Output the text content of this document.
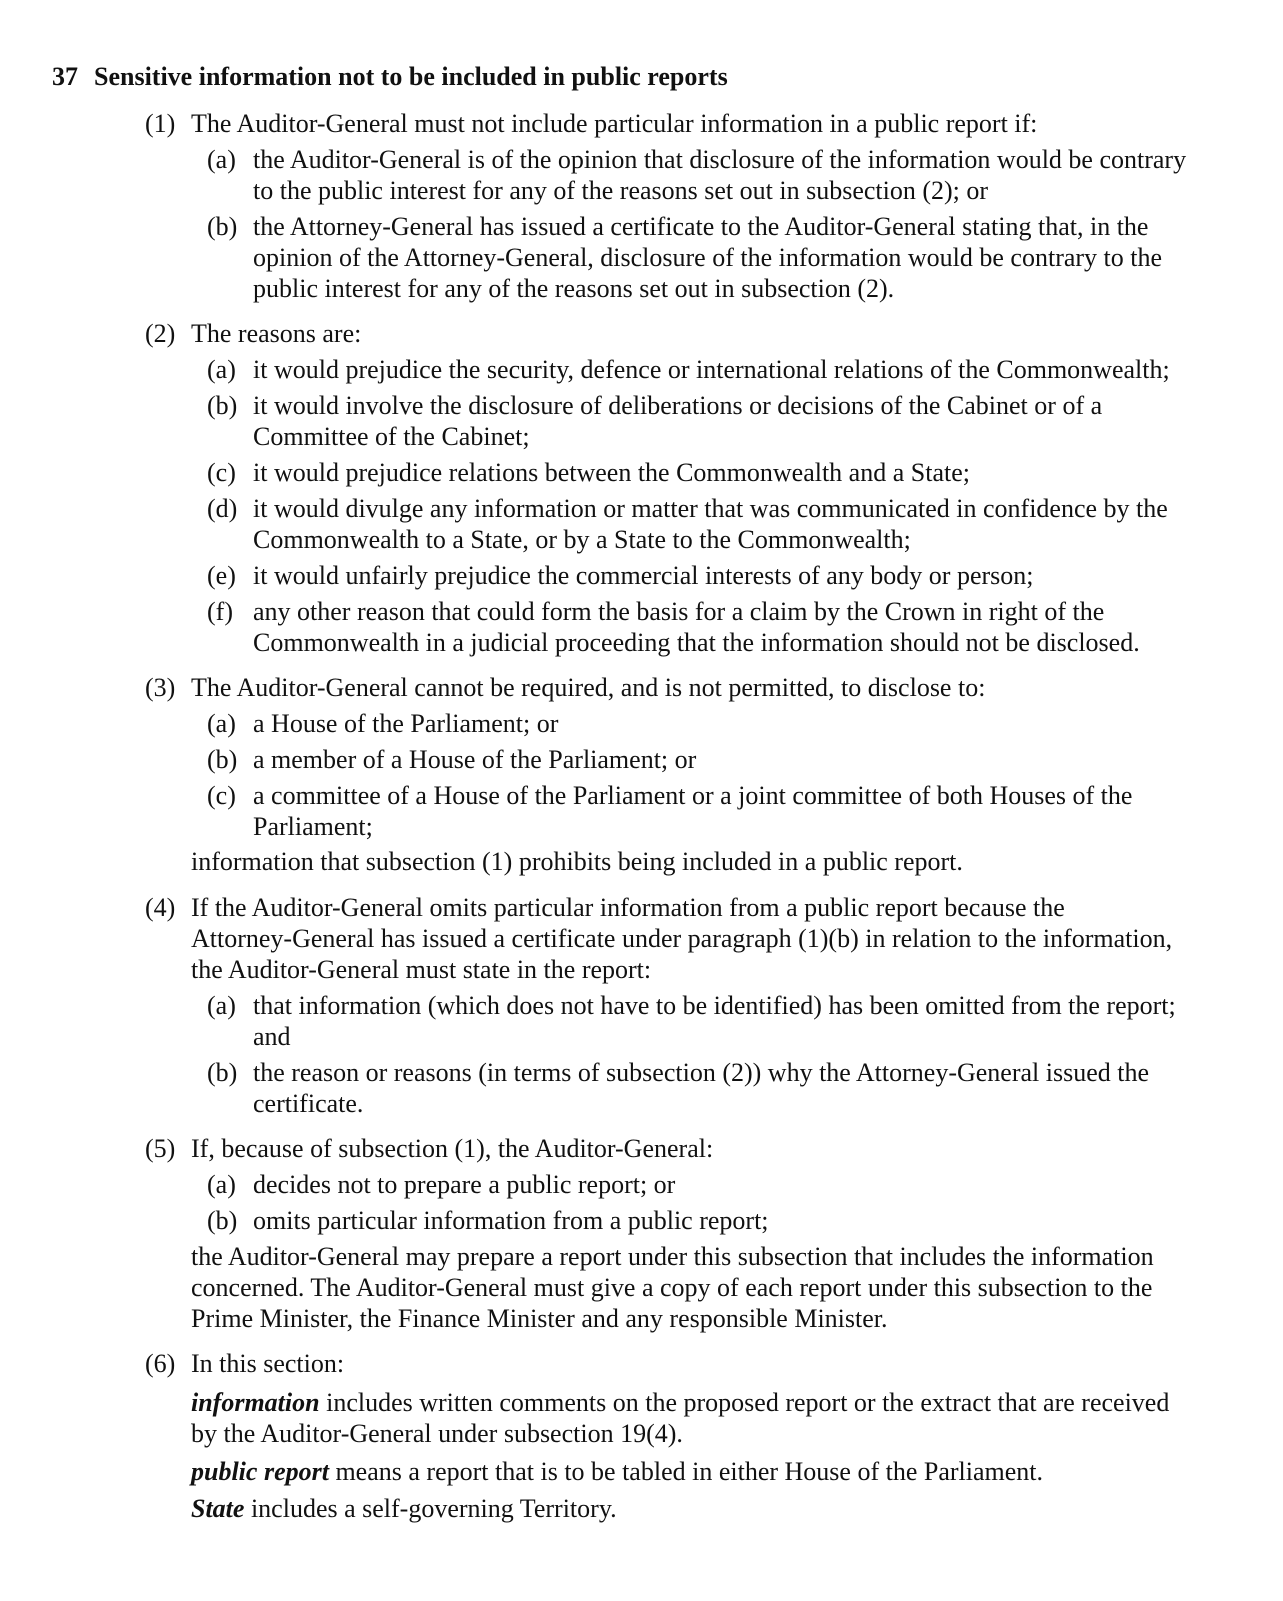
37 Sensitive information not to be included in public reports
(1) The Auditor-General must not include particular information in a public report if:
(a) the Auditor-General is of the opinion that disclosure of the information would be contrary
to the public interest for any of the reasons set out in subsection (2); or
(b) the Attorney-General has issued a certificate to the Auditor-General stating that, in the
opinion of the Attorney-General, disclosure of the information would be contrary to the
public interest for any of the reasons set out in subsection (2).
(2) The reasons are:
(a) it would prejudice the security, defence or international relations of the Commonwealth;
(b) it would involve the disclosure of deliberations or decisions of the Cabinet or of a
Committee of the Cabinet;
(c) it would prejudice relations between the Commonwealth and a State;
(d) it would divulge any information or matter that was communicated in confidence by the
Commonwealth to a State, or by a State to the Commonwealth;
(e) it would unfairly prejudice the commercial interests of any body or person;
(f) any other reason that could form the basis for a claim by the Crown in right of the
Commonwealth in a judicial proceeding that the information should not be disclosed.
(3) The Auditor-General cannot be required, and is not permitted, to disclose to:
(a) a House of the Parliament; or
(b) a member of a House of the Parliament; or
(c) a committee of a House of the Parliament or a joint committee of both Houses of the
Parliament;
information that subsection (1) prohibits being included in a public report.
(4) If the Auditor-General omits particular information from a public report because the
Attorney-General has issued a certificate under paragraph (1)(b) in relation to the information,
the Auditor-General must state in the report:
(a) that information (which does not have to be identified) has been omitted from the report;
and
(b) the reason or reasons (in terms of subsection (2)) why the Attorney-General issued the
certificate.
(5) If, because of subsection (1), the Auditor-General:
(a) decides not to prepare a public report; or
(b) omits particular information from a public report;
the Auditor-General may prepare a report under this subsection that includes the information
concerned. The Auditor-General must give a copy of each report under this subsection to the
Prime Minister, the Finance Minister and any responsible Minister.
(6) In this section:
information includes written comments on the proposed report or the extract that are received
by the Auditor-General under subsection 19(4).
public report means a report that is to be tabled in either House of the Parliament.
State includes a self-governing Territory.
